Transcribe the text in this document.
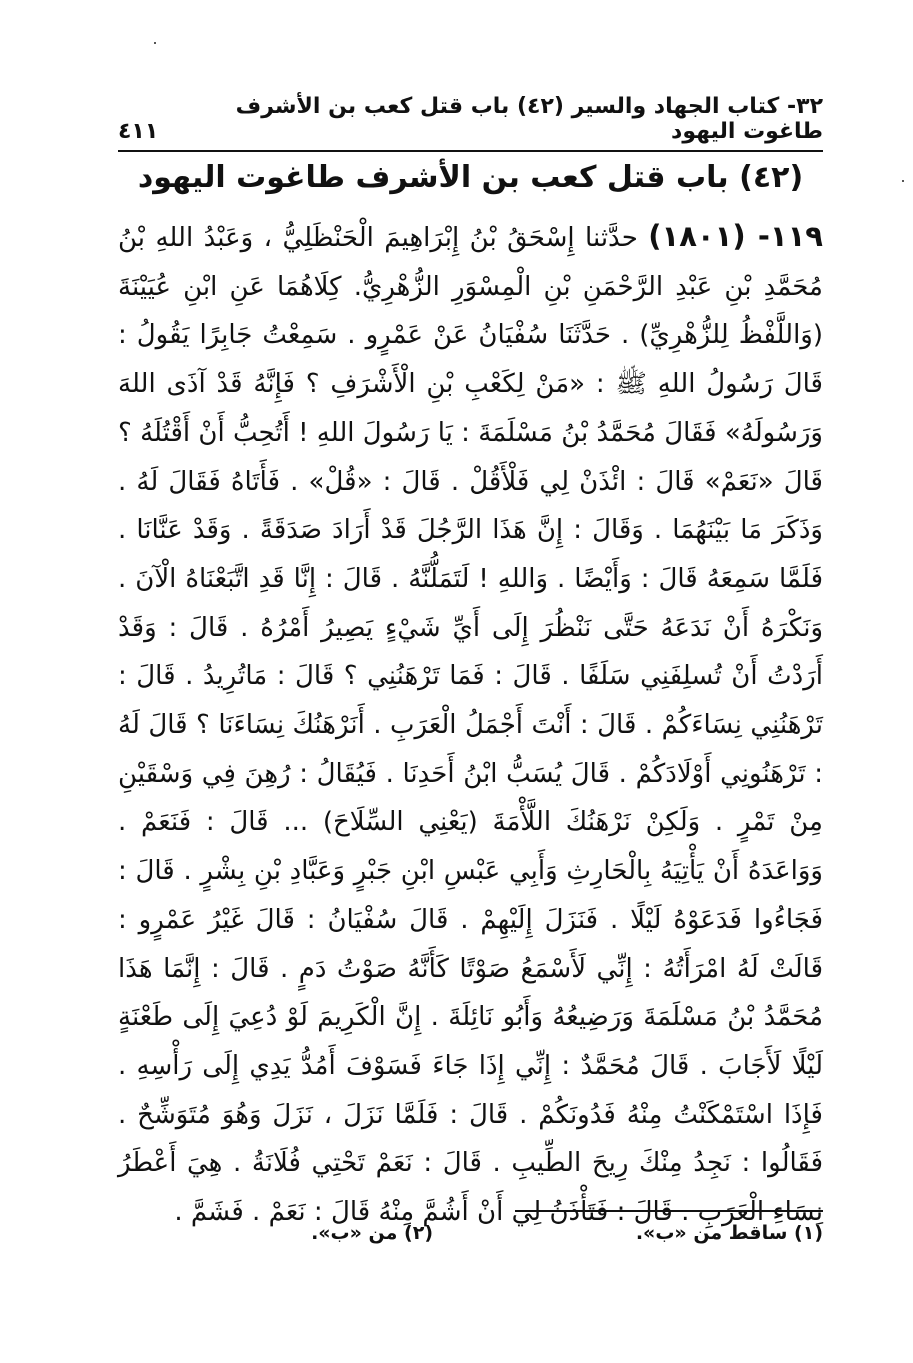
٤١١
٣٢- كتاب الجهاد والسير (٤٢) باب قتل كعب بن الأشرف طاغوت اليهود
(٤٢) باب قتل كعب بن الأشرف طاغوت اليهود
١١٩- (١٨٠١) حدَّثنا إِسْحَقُ بْنُ إِبْرَاهِيمَ الْحَنْظَلِيُّ ، وَعَبْدُ اللهِ بْنُ مُحَمَّدِ بْنِ عَبْدِ الرَّحْمَنِ بْنِ الْمِسْوَرِ الزُّهْرِيُّ. كِلَاهُمَا عَنِ ابْنِ عُيَيْنَةَ (وَاللَّفْظُ لِلزُّهْرِيِّ) . حَدَّثَنَا سُفْيَانُ عَنْ عَمْرٍو . سَمِعْتُ جَابِرًا يَقُولُ : قَالَ رَسُولُ اللهِ ﷺ : «مَنْ لِكَعْبِ بْنِ الْأَشْرَفِ ؟ فَإِنَّهُ قَدْ آذَى اللهَ وَرَسُولَهُ» فَقَالَ مُحَمَّدُ بْنُ مَسْلَمَةَ : يَا رَسُولَ اللهِ ! أَتُحِبُّ أَنْ أَقْتُلَهُ ؟ قَالَ «نَعَمْ» قَالَ : ائْذَنْ لِي فَلْأَقُلْ . قَالَ : «قُلْ» . فَأَتَاهُ فَقَالَ لَهُ . وَذَكَرَ مَا بَيْنَهُمَا . وَقَالَ : إِنَّ هَذَا الرَّجُلَ قَدْ أَرَادَ صَدَقَةً . وَقَدْ عَنَّانَا . فَلَمَّا سَمِعَهُ قَالَ : وَأَيْضًا . وَاللهِ ! لَتَمَلُّنَّهُ . قَالَ : إِنَّا قَدِ اتَّبَعْنَاهُ الْآنَ . وَنَكْرَهُ أَنْ نَدَعَهُ حَتَّى نَنْظُرَ إِلَى أَيِّ شَيْءٍ يَصِيرُ أَمْرُهُ . قَالَ : وَقَدْ أَرَدْتُ أَنْ تُسلِفَنِي سَلَفًا . قَالَ : فَمَا تَرْهَنُنِي ؟ قَالَ : مَاتُرِيدُ . قَالَ : تَرْهَنُنِي نِسَاءَكُمْ . قَالَ : أَنْتَ أَجْمَلُ الْعَرَبِ . أَنَرْهَنُكَ نِسَاءَنَا ؟ قَالَ لَهُ : تَرْهَنُونِي أَوْلَادَكُمْ . قَالَ يُسَبُّ ابْنُ أَحَدِنَا . فَيُقَالُ : رُهِنَ فِي وَسْقَيْنِ مِنْ تَمْرٍ . وَلَكِنْ نَرْهَنُكَ اللَّأْمَةَ (يَعْنِي السِّلَاحَ) ... قَالَ : فَنَعَمْ . وَوَاعَدَهُ أَنْ يَأْتِيَهُ بِالْحَارِثِ وَأَبِي عَبْسِ ابْنِ جَبْرٍ وَعَبَّادِ بْنِ بِشْرٍ . قَالَ : فَجَاءُوا فَدَعَوْهُ لَيْلًا . فَنَزَلَ إِلَيْهِمْ . قَالَ سُفْيَانُ : قَالَ غَيْرُ عَمْرٍو : قَالَتْ لَهُ امْرَأَتُهُ : إِنِّي لَأَسْمَعُ صَوْتًا كَأَنَّهُ صَوْتُ دَمٍ . قَالَ : إِنَّمَا هَذَا مُحَمَّدُ بْنُ مَسْلَمَةَ وَرَضِيعُهُ وَأَبُو نَائِلَةَ . إِنَّ الْكَرِيمَ لَوْ دُعِيَ إِلَى طَعْنَةٍ لَيْلًا لَأَجَابَ . قَالَ مُحَمَّدٌ : إِنِّي إِذَا جَاءَ فَسَوْفَ أَمُدُّ يَدِي إِلَى رَأْسِهِ . فَإِذَا اسْتَمْكَنْتُ مِنْهُ فَدُونَكُمْ . قَالَ : فَلَمَّا نَزَلَ ، نَزَلَ وَهُوَ مُتَوَشِّحٌ . فَقَالُوا : نَجِدُ مِنْكَ رِيحَ الطِّيبِ . قَالَ : نَعَمْ تَحْتِي فُلَانَةُ . هِيَ أَعْطَرُ نِسَاءِ الْعَرَبِ . قَالَ : فَتَأْذَنُ لِي أَنْ أَشُمَّ مِنْهُ قَالَ : نَعَمْ . فَشَمَّ .
(١) ساقط من «ب».
(٢) من «ب».
